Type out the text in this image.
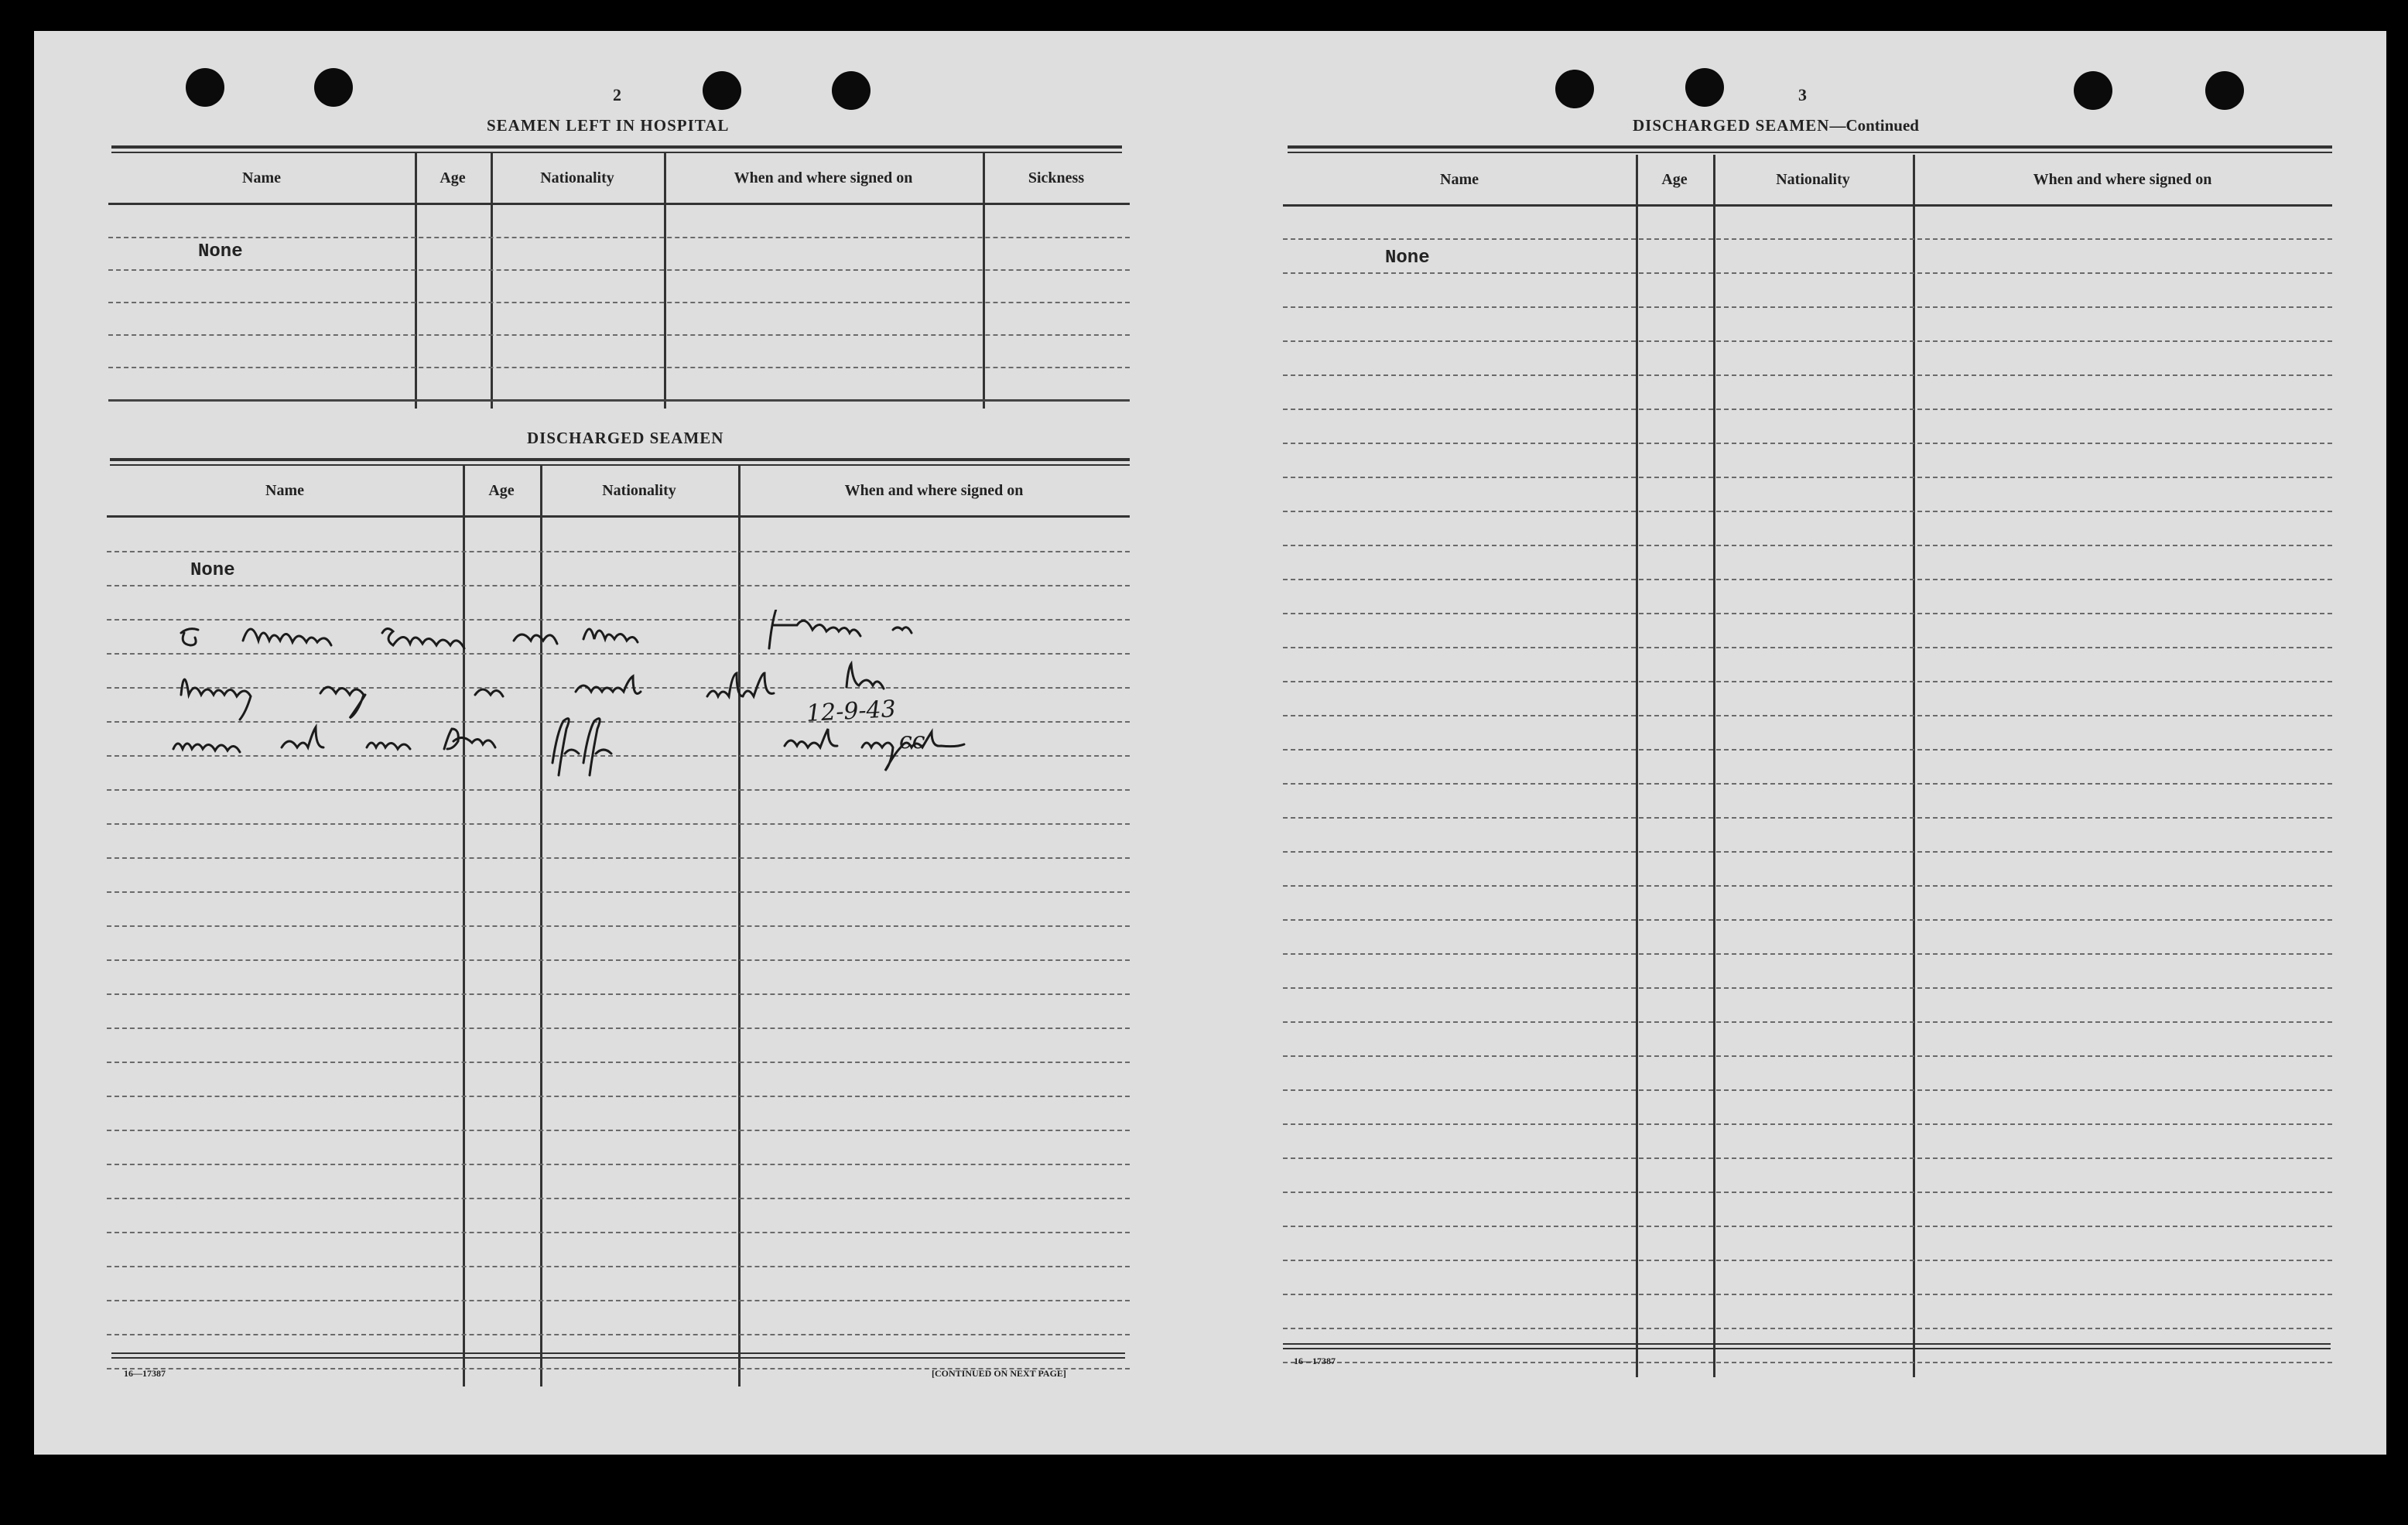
2
SEAMEN LEFT IN HOSPITAL
Name	Age	Nationality	When and where signed on	Sickness
None
DISCHARGED SEAMEN
Name	Age	Nationality	When and where signed on
None
12-9-43
cc
16—17387	[CONTINUED ON NEXT PAGE]
3
DISCHARGED SEAMEN—Continued
Name	Age	Nationality	When and where signed on
None
16—17387
